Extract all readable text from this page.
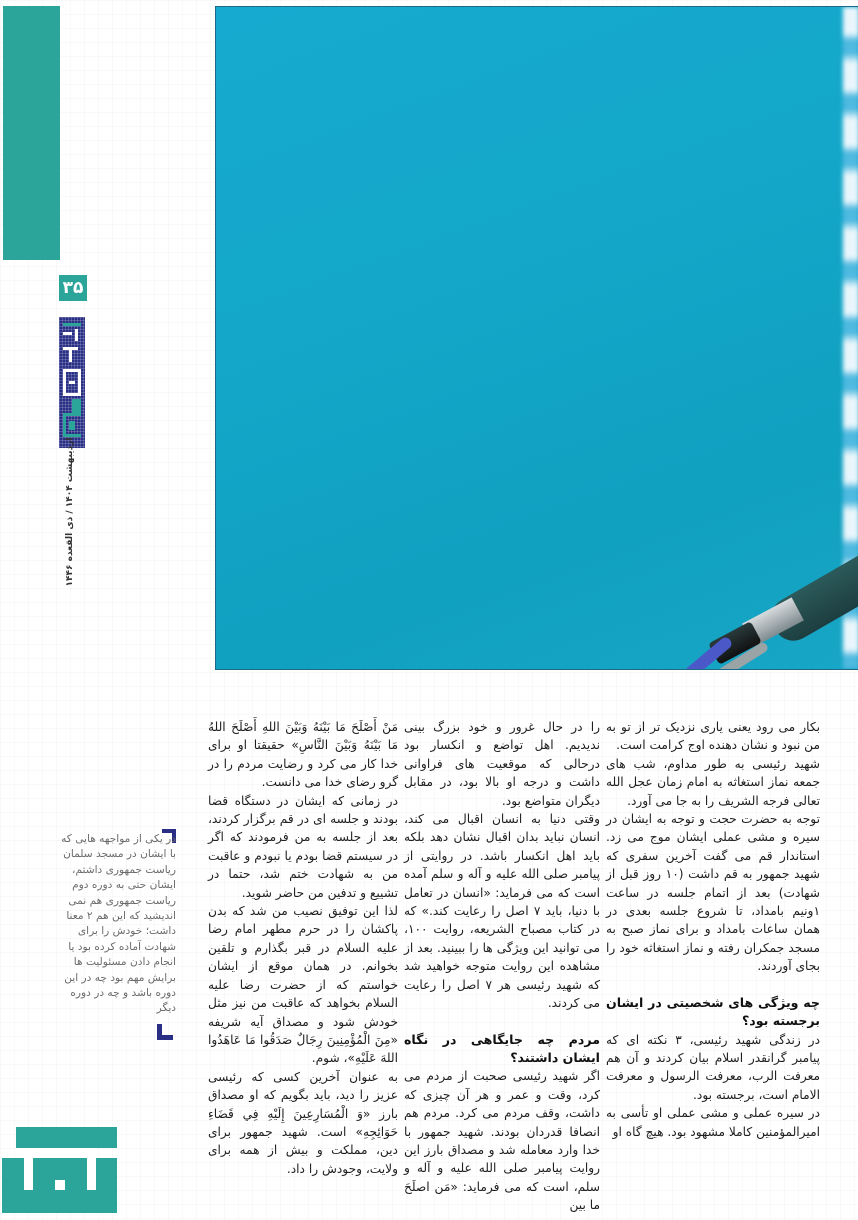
۳۵
اردیبهشت ۱۴۰۴ / ذی القعده ۱۴۴۶

بکار می رود یعنی یاری نزدیک تر از تو به من نبود و نشان دهنده اوج کرامت است.

شهید رئیسی به طور مداوم، شب های جمعه نماز استغاثه به امام زمان عجل الله تعالی فرجه الشریف را به جا می آورد.

توجه به حضرت حجت و توجه به ایشان در سیره و مشی عملی ایشان موج می زد. استاندار قم می گفت آخرین سفری که شهید جمهور به قم داشت (۱۰ روز قبل از شهادت) بعد از اتمام جلسه در ساعت ۱ونیم بامداد، تا شروع جلسه بعدی در همان ساعات بامداد و برای نماز صبح به مسجد جمکران رفته و نماز استغاثه خود را بجای آوردند.

چه ویژگی های شخصیتی در ایشان برجسته بود؟

در زندگی شهید رئیسی، ۳ نکته ای که پیامبر گرانقدر اسلام بیان کردند و آن هم معرفت الرب، معرفت الرسول و معرفت الامام است، برجسته بود.

در سیره عملی و مشی عملی او تأسی به امیرالمؤمنین کاملا مشهود بود. هیچ گاه او

را در حال غرور و خود بزرگ بینی ندیدیم. اهل تواضع و انکسار بود درحالی که موقعیت های فراوانی داشت و درجه او بالا بود، در مقابل دیگران متواضع بود.

وقتی دنیا به انسان اقبال می کند، انسان نباید بدان اقبال نشان دهد بلکه باید اهل انکسار باشد. در روایتی از پیامبر صلی الله علیه و آله و سلم آمده است که می فرماید: «انسان در تعامل با دنیا، باید ۷ اصل را رعایت کند.» که در کتاب مصباح الشریعه، روایت ۱۰۰، می توانید این ویژگی ها را ببینید. بعد از مشاهده این روایت متوجه خواهید شد که شهید رئیسی هر ۷ اصل را رعایت می کردند.

مردم چه جایگاهی در نگاه ایشان داشتند؟

اگر شهید رئیسی صحبت از مردم می کرد، وقت و عمر و هر آن چیزی که داشت، وقف مردم می کرد. مردم هم انصافا قدردان بودند. شهید جمهور با خدا وارد معامله شد و مصداق بارز این روایت پیامبر صلی الله علیه و آله و سلم، است که می فرماید: «مَن اصلَحَ ما بین

مَنْ أَصْلَحَ مَا بَيْنَهُ وَبَيْنَ اللهِ أَصْلَحَ اللهُ مَا بَيْنَهُ وَبَيْنَ النَّاسِ» حقیقتا او برای خدا کار می کرد و رضایت مردم را در گرو رضای خدا می دانست.

در زمانی که ایشان در دستگاه قضا بودند و جلسه ای در قم برگزار کردند، بعد از جلسه به من فرمودند که اگر در سیستم قضا بودم یا نبودم و عاقبت من به شهادت ختم شد، حتما در تشییع و تدفین من حاضر شوید.

لذا این توفیق نصیب من شد که بدن پاکشان را در حرم مطهر امام رضا علیه السلام در قبر بگذارم و تلقین بخوانم. در همان موقع از ایشان خواستم که از حضرت رضا علیه السلام بخواهد که عاقبت من نیز مثل خودش شود و مصداق آیه شریفه «مِنَ الْمُؤْمِنِينَ رِجَالٌ صَدَقُوا مَا عَاهَدُوا اللهَ عَلَيْهِ»، شوم.

به عنوان آخرین کسی که رئیسی عزیز را دید، باید بگویم که او مصداق بارز «وَ الْمُسَارِعِينَ إِلَيْهِ فِي قَضَاءِ حَوَائِجِهِ» است. شهید جمهور برای دین، مملکت و بیش از همه برای ولایت، وجودش را داد.

در یکی از مواجهه هایی که با ایشان در مسجد سلمان ریاست جمهوری داشتم، ایشان حتی به دوره دوم ریاست جمهوری هم نمی اندیشید که این هم ۲ معنا داشت؛ خودش را برای شهادت آماده کرده بود یا انجام دادن مسئولیت ها برایش مهم بود چه در این دوره باشد و چه در دوره دیگر
